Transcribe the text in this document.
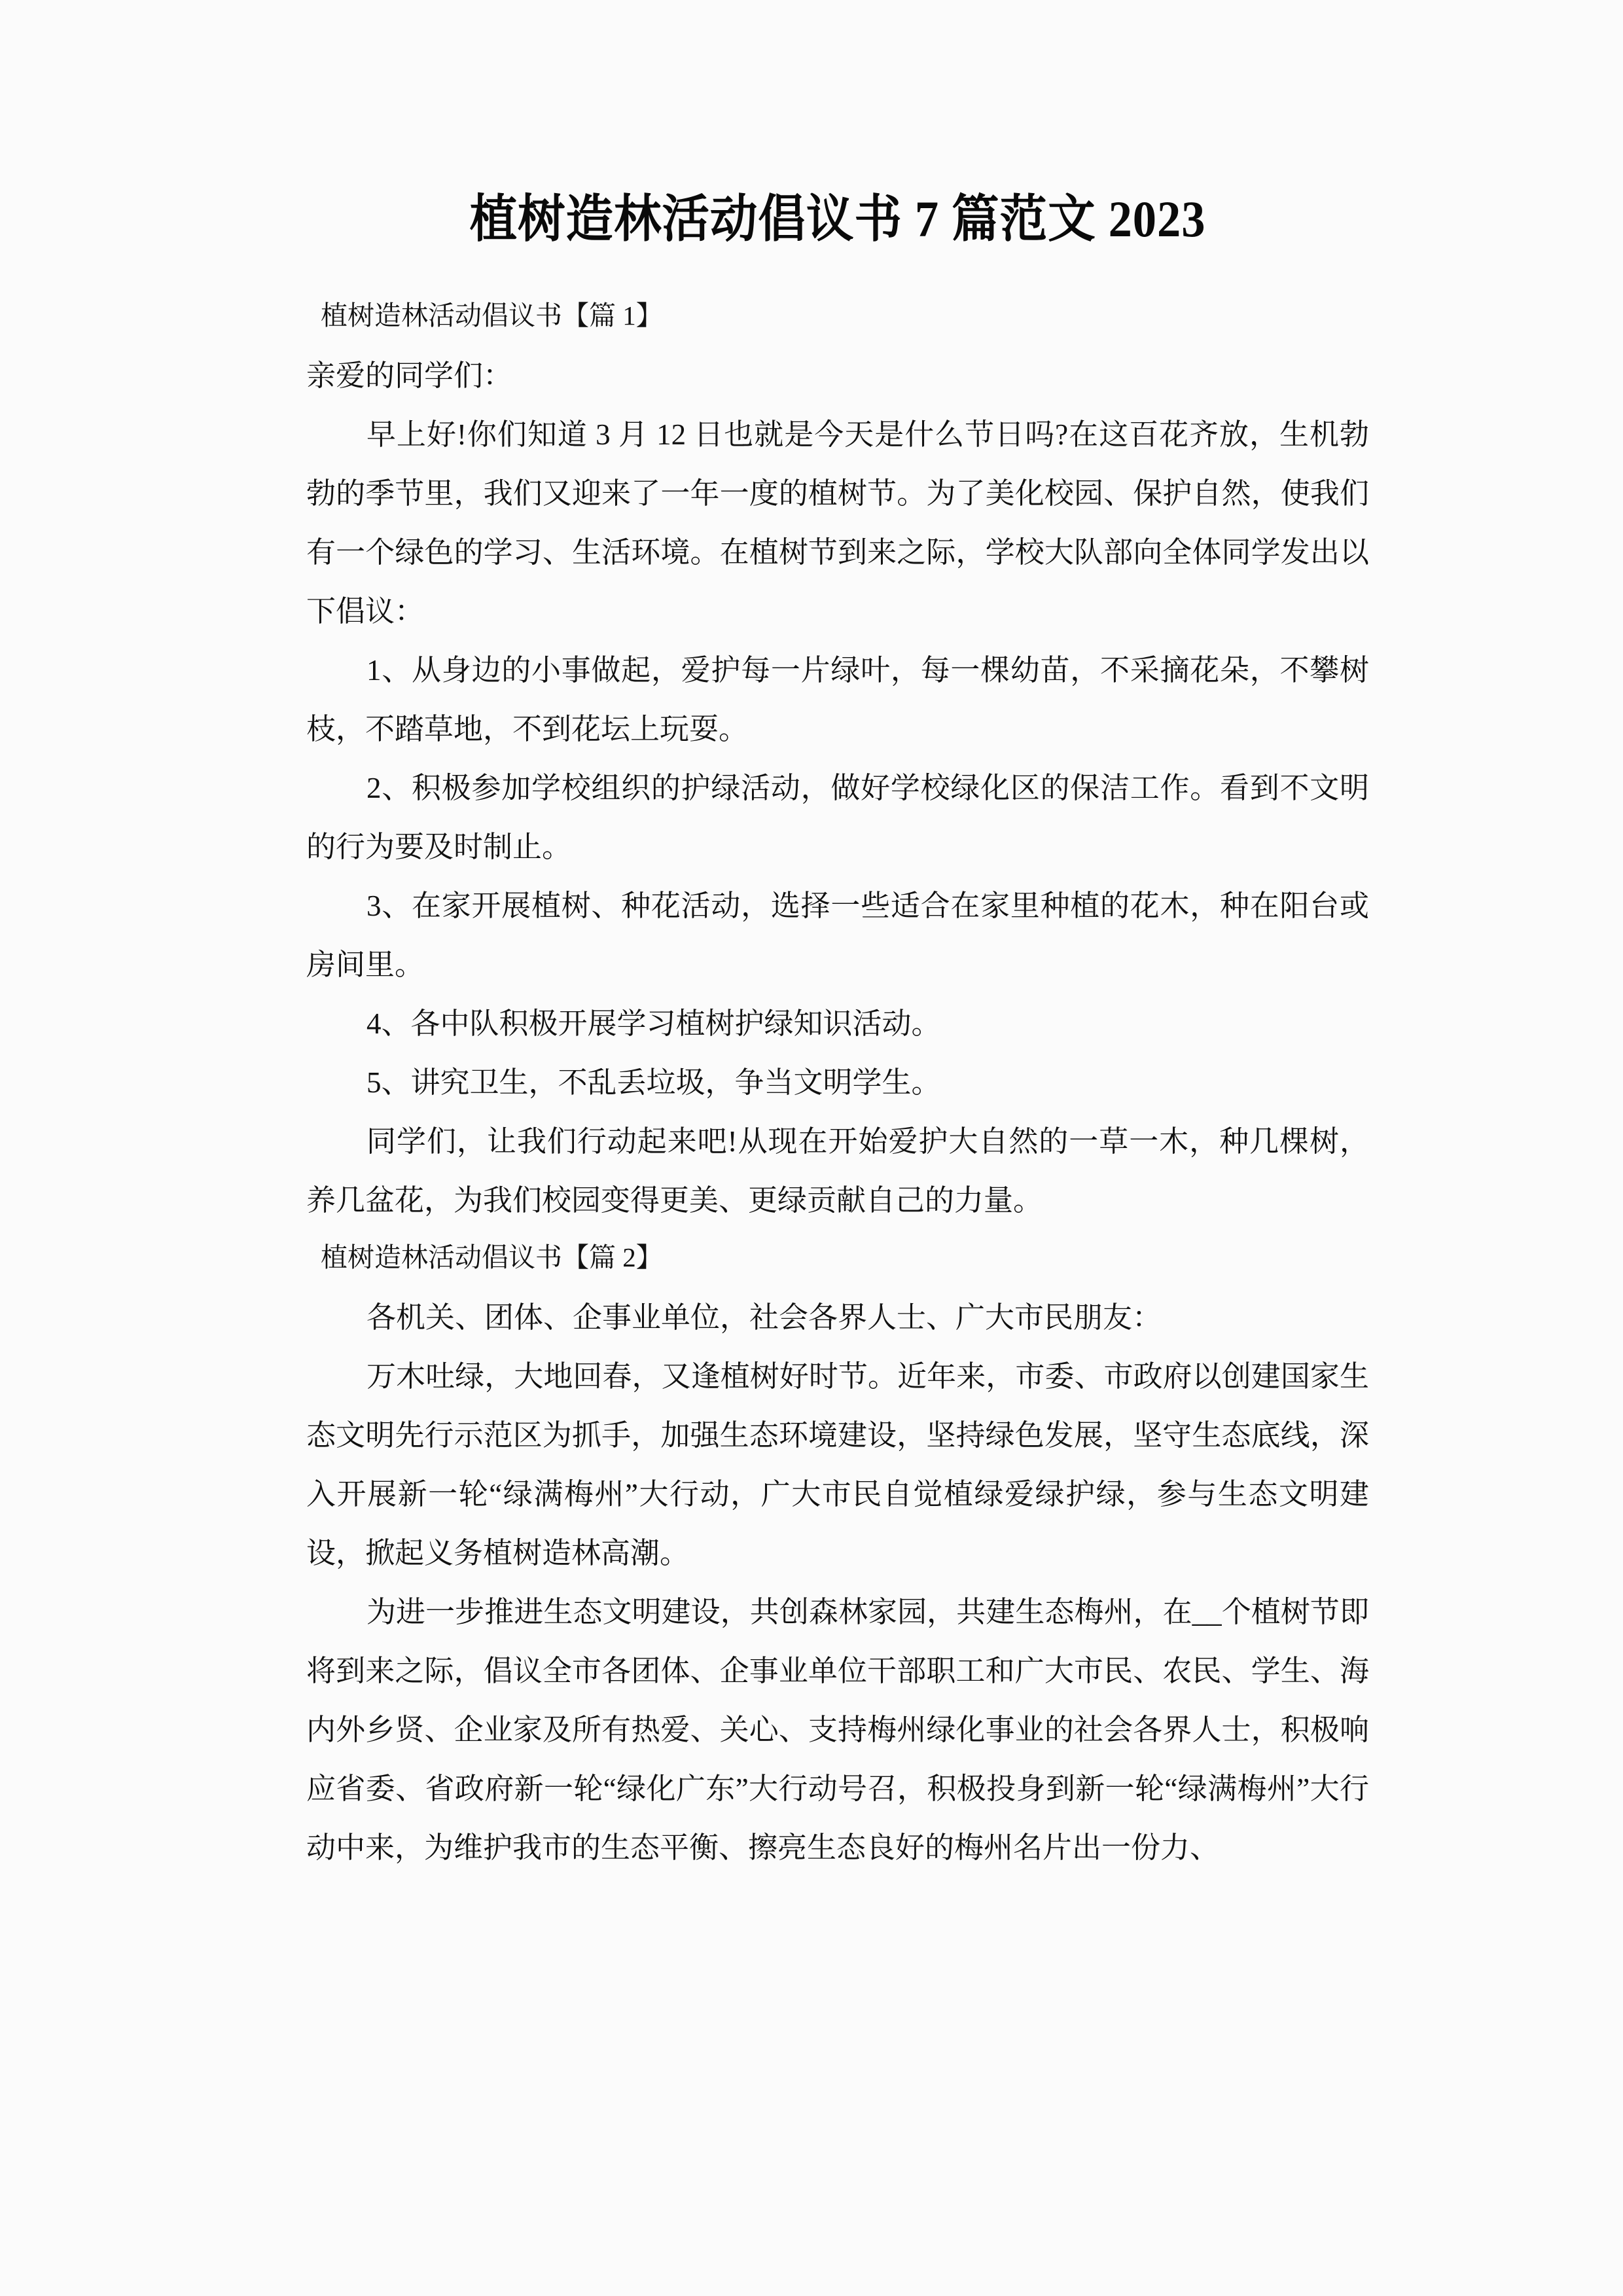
植树造林活动倡议书 7 篇范文 2023

植树造林活动倡议书【篇 1】

亲爱的同学们：

早上好!你们知道 3 月 12 日也就是今天是什么节日吗?在这百花齐放，生机勃勃的季节里，我们又迎来了一年一度的植树节。为了美化校园、保护自然，使我们有一个绿色的学习、生活环境。在植树节到来之际，学校大队部向全体同学发出以下倡议：

1、从身边的小事做起，爱护每一片绿叶，每一棵幼苗，不采摘花朵，不攀树枝，不踏草地，不到花坛上玩耍。

2、积极参加学校组织的护绿活动，做好学校绿化区的保洁工作。看到不文明的行为要及时制止。

3、在家开展植树、种花活动，选择一些适合在家里种植的花木，种在阳台或房间里。

4、各中队积极开展学习植树护绿知识活动。

5、讲究卫生，不乱丢垃圾，争当文明学生。

同学们，让我们行动起来吧!从现在开始爱护大自然的一草一木，种几棵树，养几盆花，为我们校园变得更美、更绿贡献自己的力量。

植树造林活动倡议书【篇 2】

各机关、团体、企事业单位，社会各界人士、广大市民朋友：

万木吐绿，大地回春，又逢植树好时节。近年来，市委、市政府以创建国家生态文明先行示范区为抓手，加强生态环境建设，坚持绿色发展，坚守生态底线，深入开展新一轮“绿满梅州”大行动，广大市民自觉植绿爱绿护绿，参与生态文明建设，掀起义务植树造林高潮。

为进一步推进生态文明建设，共创森林家园，共建生态梅州，在__个植树节即将到来之际，倡议全市各团体、企事业单位干部职工和广大市民、农民、学生、海内外乡贤、企业家及所有热爱、关心、支持梅州绿化事业的社会各界人士，积极响应省委、省政府新一轮“绿化广东”大行动号召，积极投身到新一轮“绿满梅州”大行动中来，为维护我市的生态平衡、擦亮生态良好的梅州名片出一份力、
